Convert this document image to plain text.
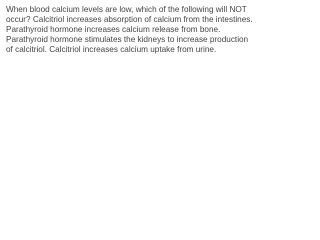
When blood calcium levels are low, which of the following will NOT occur? Calcitriol increases absorption of calcium from the intestines. Parathyroid hormone increases calcium release from bone. Parathyroid hormone stimulates the kidneys to increase production of calcitriol. Calcitriol increases calcium uptake from urine.
